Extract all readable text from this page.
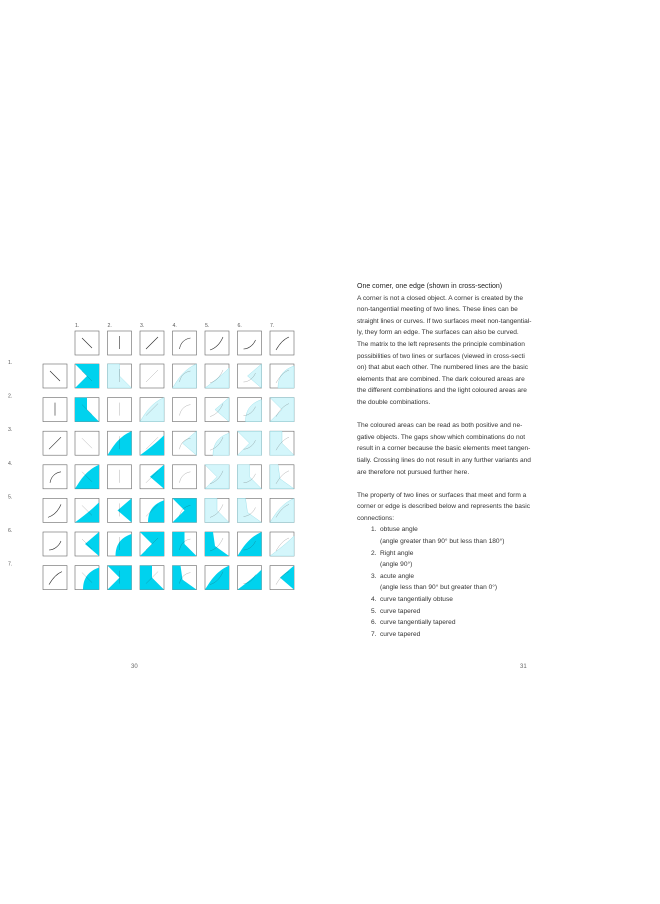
1.	2.	3.	4.	5.	6.	7.
1.
2.
3.
4.
5.
6.
7.
30	31

One corner, one edge (shown in cross-section)

A corner is not a closed object. A corner is created by the

non-tangential meeting of two lines. These lines can be

straight lines or curves. If two surfaces meet non-tangential-

ly, they form an edge. The surfaces can also be curved.

The matrix to the left represents the principle combination

possibilities of two lines or surfaces (viewed in cross-secti

on) that abut each other. The numbered lines are the basic

elements that are combined. The dark coloured areas are

the different combinations and the light coloured areas are

the double combinations.

The coloured areas can be read as both positive and ne-

gative objects. The gaps show which combinations do not

result in a corner because the basic elements meet tangen-

tially. Crossing lines do not result in any further variants and

are therefore not pursued further here.

The property of two lines or surfaces that meet and form a

corner or edge is described below and represents the basic

connections:

1. obtuse angle
(angle greater than 90° but less than 180°)
2. Right angle
(angle 90°)
3. acute angle
(angle less than 90° but greater than 0°)
4. curve tangentially obtuse
5. curve tapered
6. curve tangentially tapered
7. curve tapered
